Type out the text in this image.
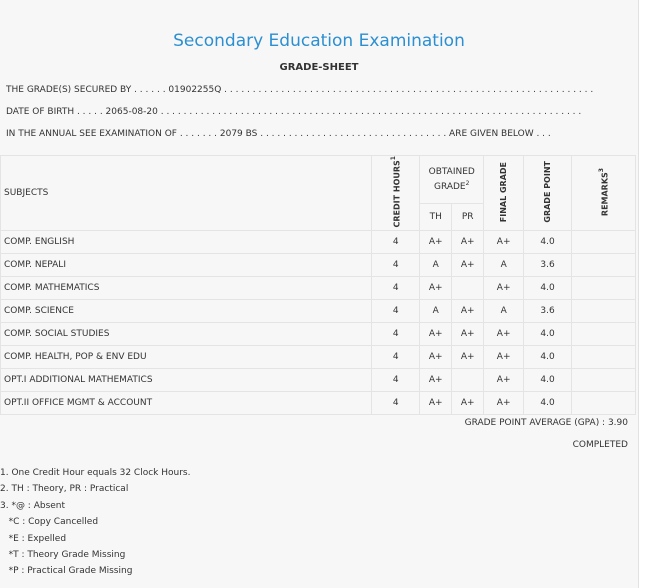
Secondary Education Examination
GRADE-SHEET
THE GRADE(S) SECURED BY . . . . . . 01902255Q . . . . . . . . . . . . . . . . . . . . . . . . . . . . . . . . . . . . . . . . . . . . . . . . . . . . . . . . . . . . . . . . .
DATE OF BIRTH . . . . . 2065-08-20 . . . . . . . . . . . . . . . . . . . . . . . . . . . . . . . . . . . . . . . . . . . . . . . . . . . . . . . . . . . . . . . . . . . . . . . . . .
IN THE ANNUAL SEE EXAMINATION OF . . . . . . . 2079 BS . . . . . . . . . . . . . . . . . . . . . . . . . . . . . . . . . ARE GIVEN BELOW . . .
SUBJECTS	CREDIT HOURS$^1$	OBTAINED GRADE$^2$		FINAL GRADE	GRADE POINT	REMARKS$^3$
		TH	PR			
COMP. ENGLISH	4	A+	A+	A+	4.0	
COMP. NEPALI	4	A	A+	A	3.6	
COMP. MATHEMATICS	4	A+		A+	4.0	
COMP. SCIENCE	4	A	A+	A	3.6	
COMP. SOCIAL STUDIES	4	A+	A+	A+	4.0	
COMP. HEALTH, POP & ENV EDU	4	A+	A+	A+	4.0	
OPT.I ADDITIONAL MATHEMATICS	4	A+		A+	4.0	
OPT.II OFFICE MGMT & ACCOUNT	4	A+	A+	A+	4.0	
GRADE POINT AVERAGE (GPA) : 3.90
COMPLETED
1. One Credit Hour equals 32 Clock Hours.
2. TH : Theory, PR : Practical
3. *@ : Absent
*C : Copy Cancelled
*E : Expelled
*T : Theory Grade Missing
*P : Practical Grade Missing
